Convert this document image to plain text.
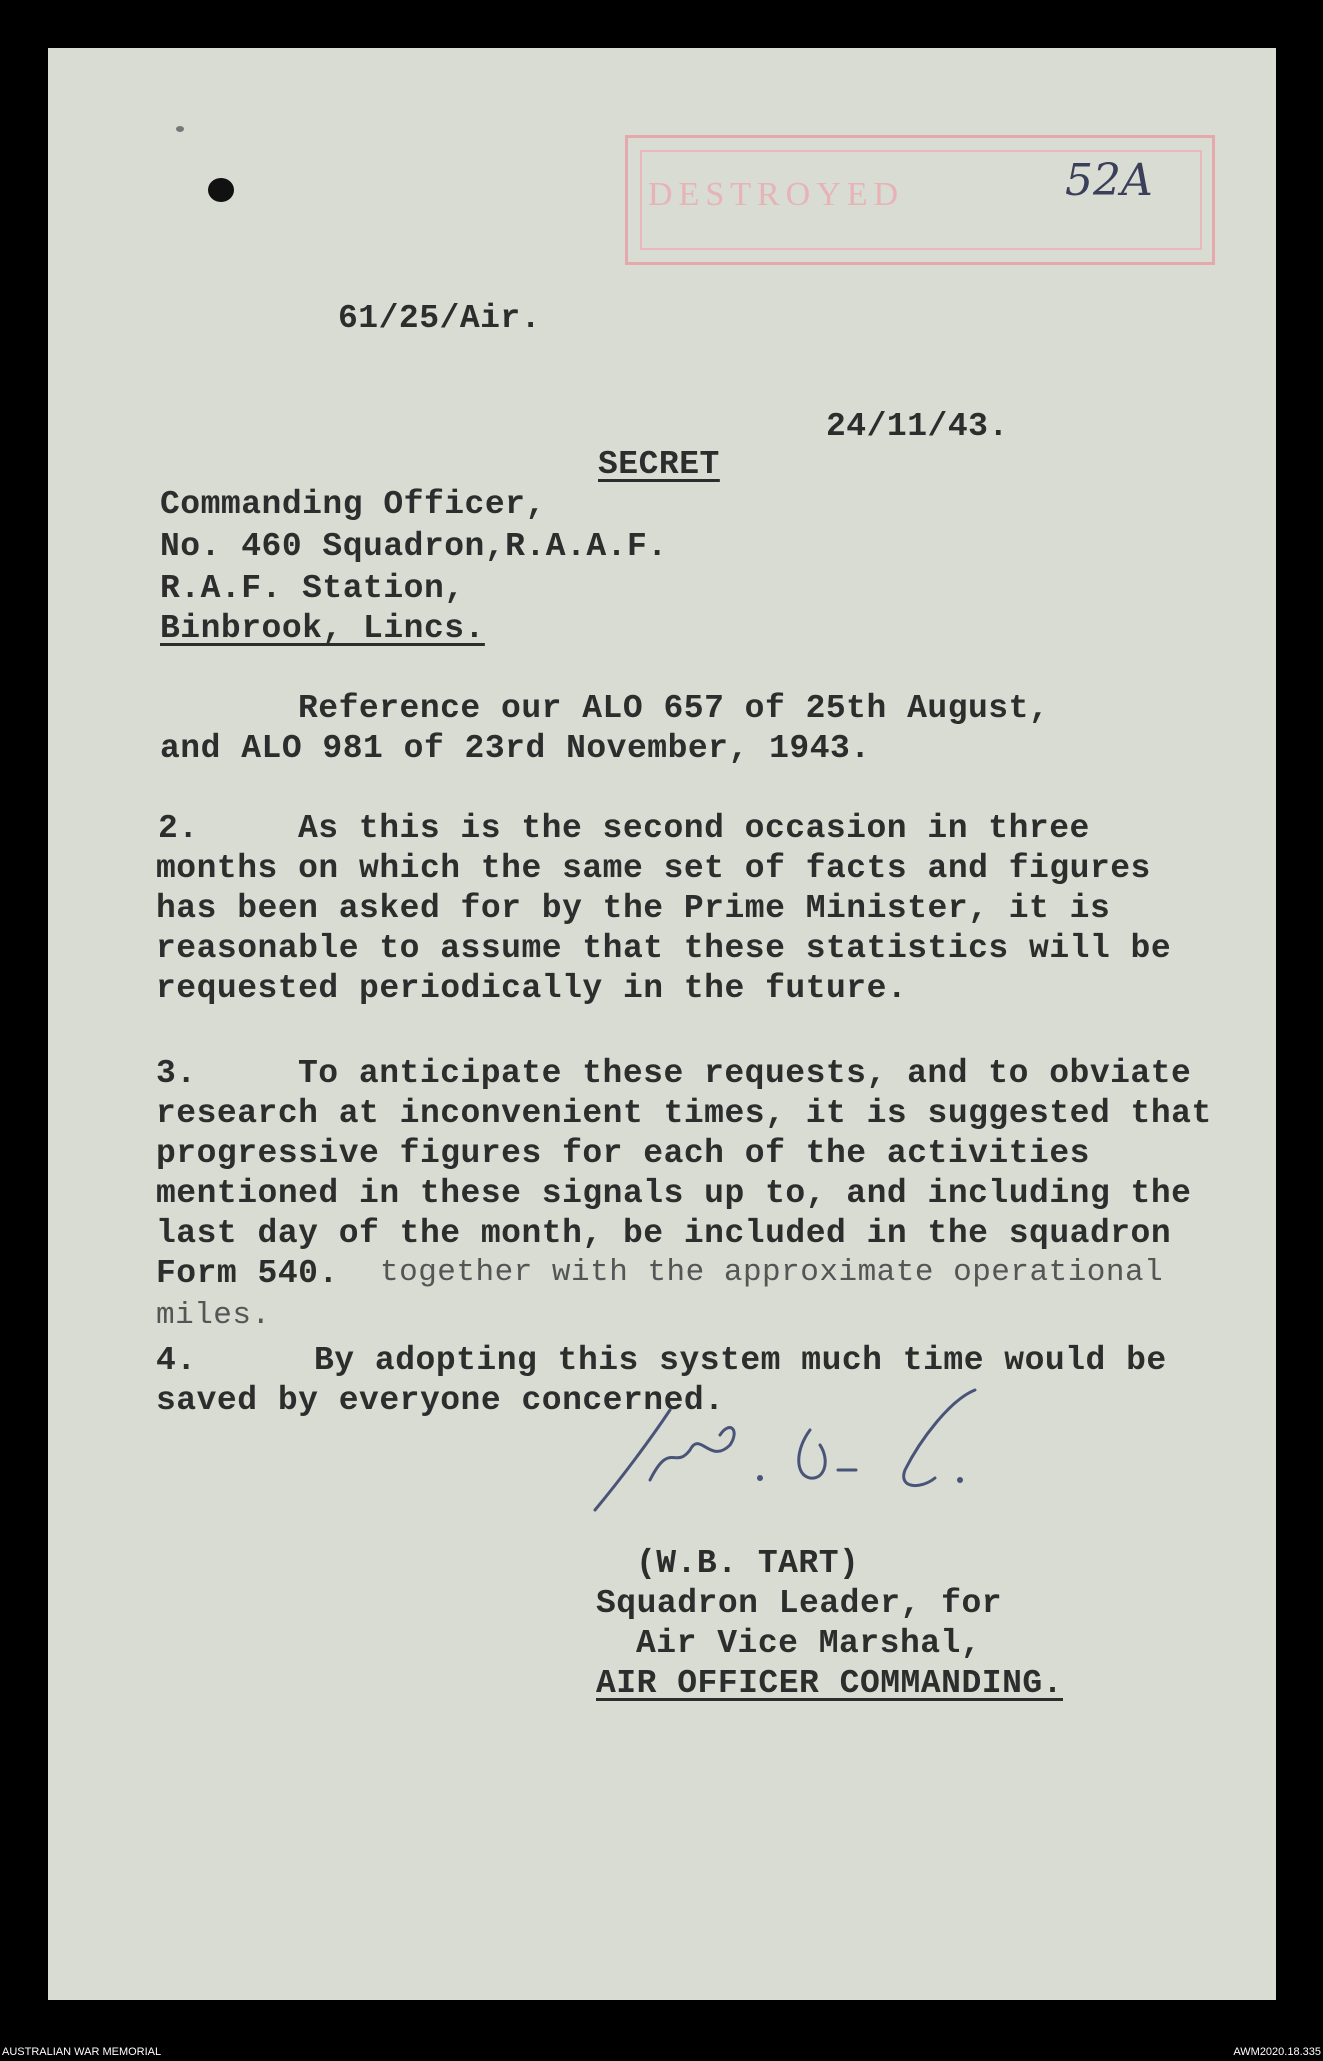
DESTROYED	52A
61/25/Air.
24/11/43.
SECRET
Commanding Officer,
No. 460 Squadron,R.A.A.F.
R.A.F. Station,
Binbrook, Lincs.
Reference our ALO 657 of 25th August,
and ALO 981 of 23rd November, 1943.
2.	As this is the second occasion in three
months on which the same set of facts and figures
has been asked for by the Prime Minister, it is
reasonable to assume that these statistics will be
requested periodically in the future.
3.	To anticipate these requests, and to obviate
research at inconvenient times, it is suggested that
progressive figures for each of the activities
mentioned in these signals up to, and including the
last day of the month, be included in the squadron
Form 540. together with the approximate operational
miles.
4.	By adopting this system much time would be
saved by everyone concerned.
(W.B. TART)
Squadron Leader, for
Air Vice Marshal,
AIR OFFICER COMMANDING.
AUSTRALIAN WAR MEMORIAL	AWM2020.18.335
